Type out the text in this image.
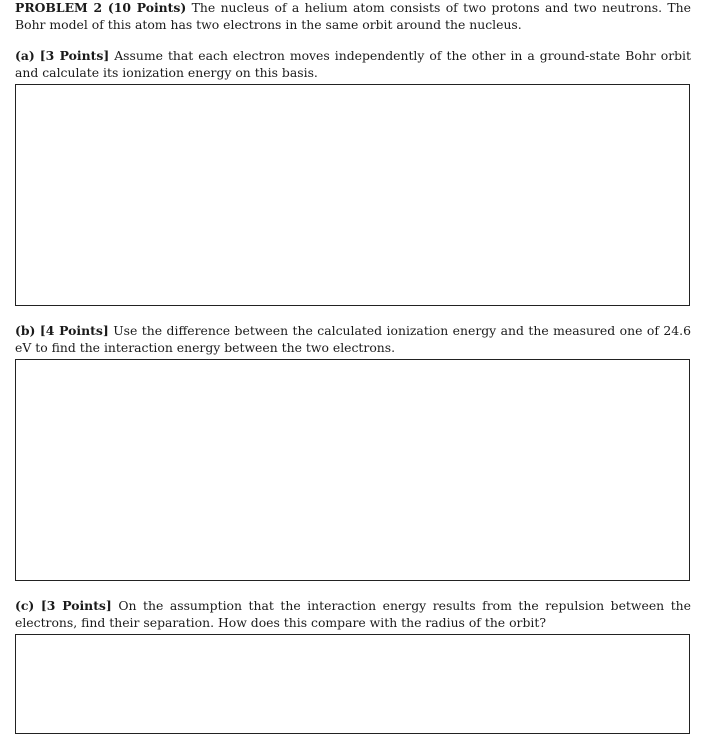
PROBLEM 2 (10 Points) The nucleus of a helium atom consists of two protons and two neutrons. The Bohr model of this atom has two electrons in the same orbit around the nucleus.
(a) [3 Points] Assume that each electron moves independently of the other in a ground-state Bohr orbit and calculate its ionization energy on this basis.
(b) [4 Points] Use the difference between the calculated ionization energy and the measured one of 24.6 eV to find the interaction energy between the two electrons.
(c) [3 Points] On the assumption that the interaction energy results from the repulsion between the electrons, find their separation. How does this compare with the radius of the orbit?
